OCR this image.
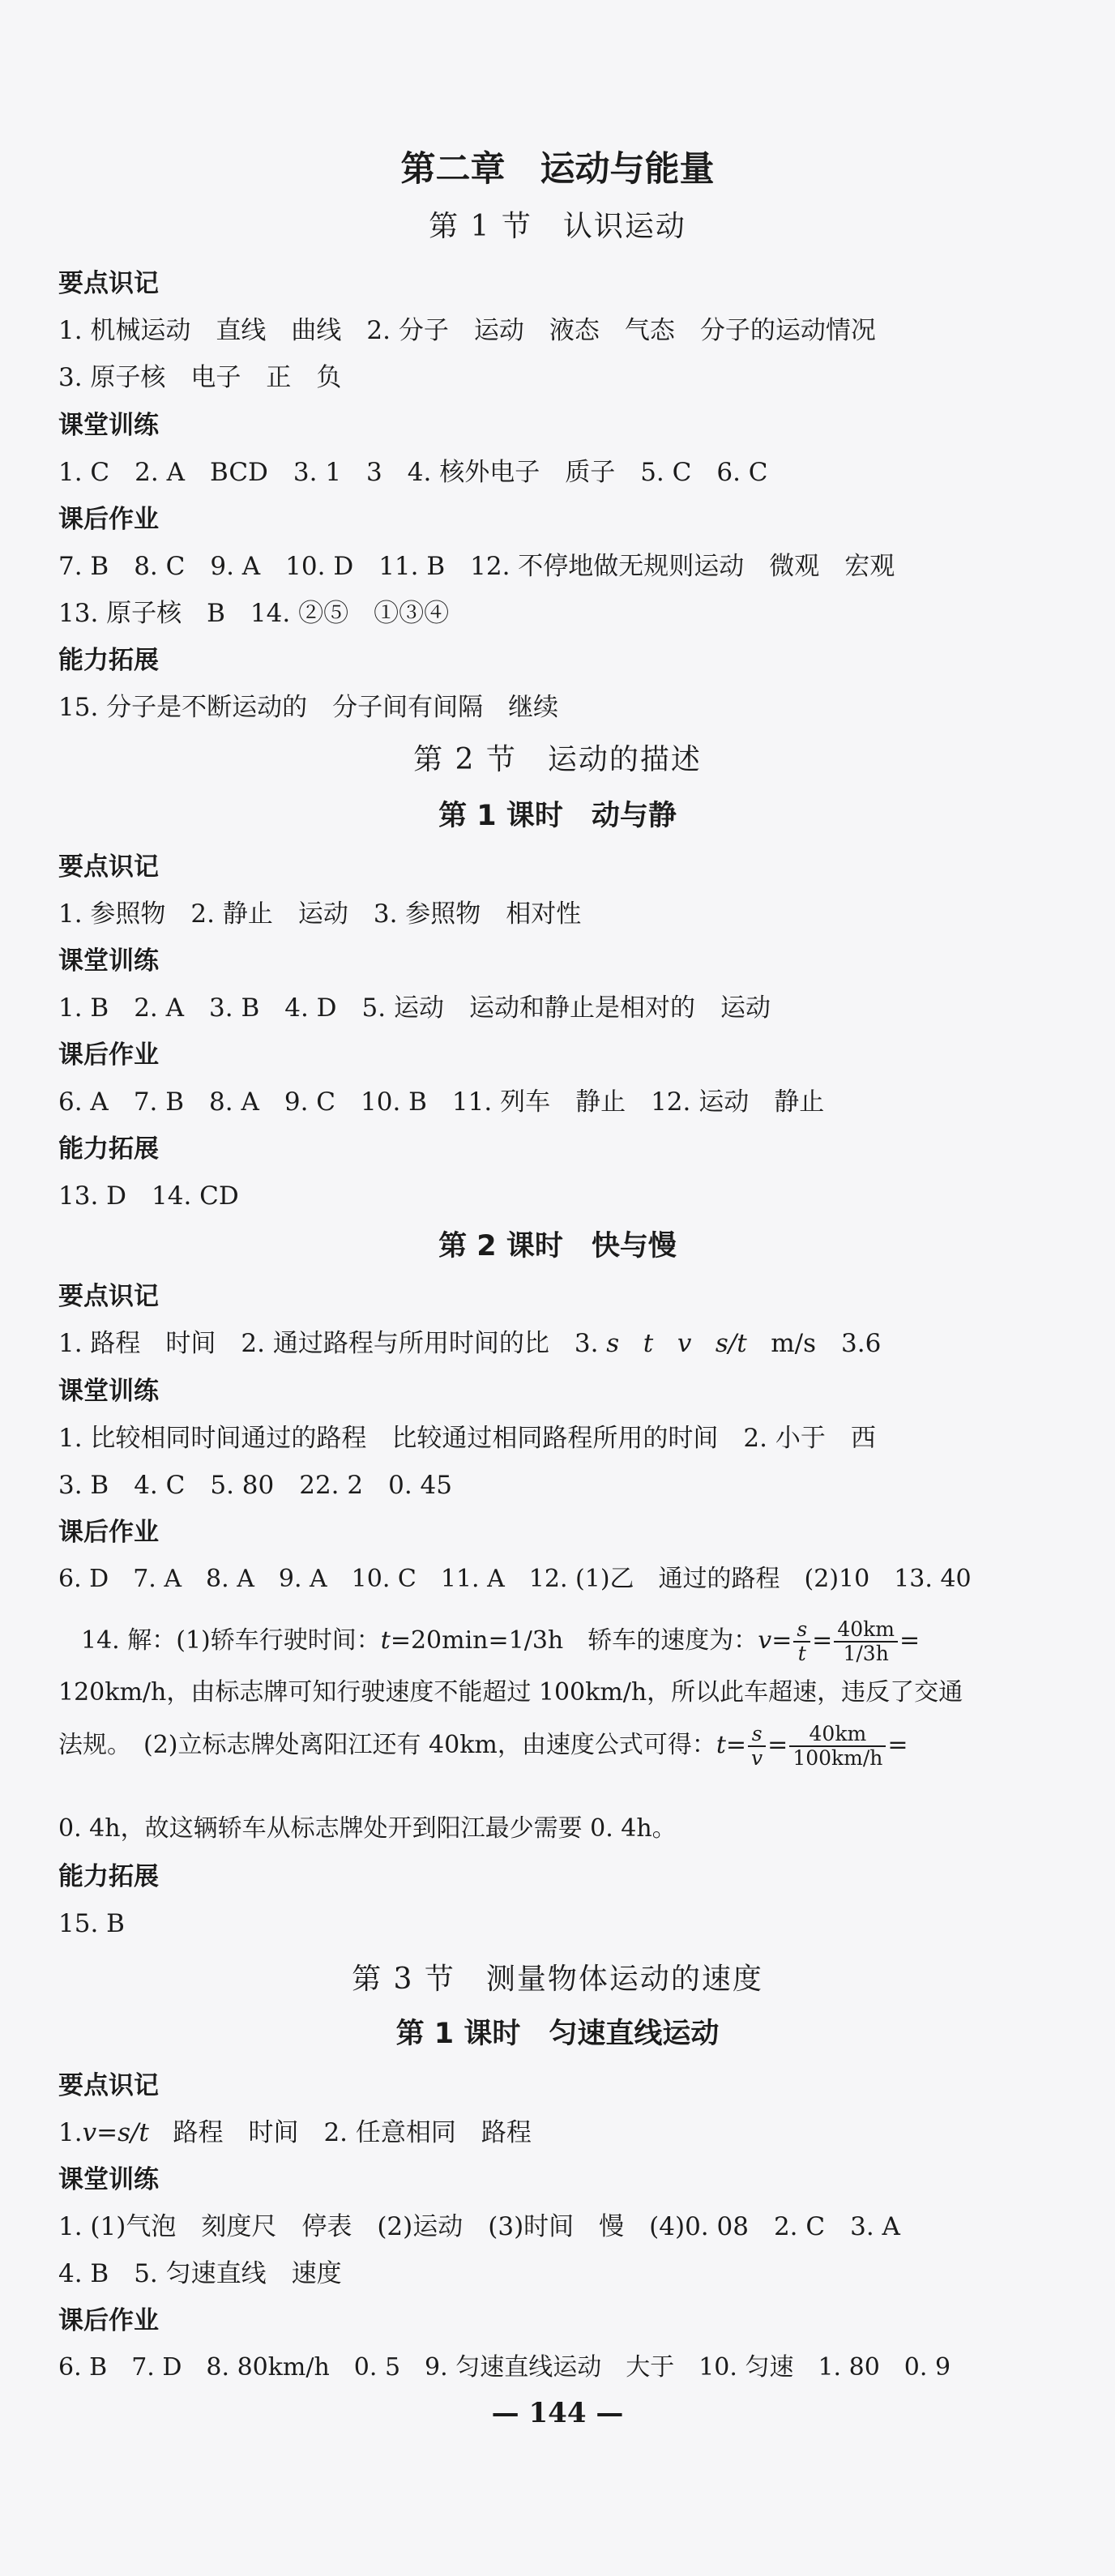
第二章　运动与能量
第 1 节　认识运动
要点识记
1. 机械运动　直线　曲线　2. 分子　运动　液态　气态　分子的运动情况
3. 原子核　电子　正　负
课堂训练
1. C　2. A　BCD　3. 1　3　4. 核外电子　质子　5. C　6. C
课后作业
7. B　8. C　9. A　10. D　11. B　12. 不停地做无规则运动　微观　宏观
13. 原子核　B　14. ②⑤　①③④
能力拓展
15. 分子是不断运动的　分子间有间隔　继续
第 2 节　运动的描述
第 1 课时　动与静
要点识记
1. 参照物　2. 静止　运动　3. 参照物　相对性
课堂训练
1. B　2. A　3. B　4. D　5. 运动　运动和静止是相对的　运动
课后作业
6. A　7. B　8. A　9. C　10. B　11. 列车　静止　12. 运动　静止
能力拓展
13. D　14. CD
第 2 课时　快与慢
要点识记
1. 路程　时间　2. 通过路程与所用时间的比　3. s t v s/t m/s　3.6
课堂训练
1. 比较相同时间通过的路程　比较通过相同路程所用的时间　2. 小于　西
3. B　4. C　5. 80　22. 2　0. 45
课后作业
6. D　7. A　8. A　9. A　10. C　11. A　12. (1)乙　通过的路程　(2)10　13. 40
14. 解：(1)轿车行驶时间：t=20min=1/3h　轿车的速度为：$v= \frac{s}{t} = \frac{40km}{1/3h}$ =
120km/h，由标志牌可知行驶速度不能超过 100km/h，所以此车超速，违反了交通
法规。　(2)立标志牌处离阳江还有 40km，由速度公式可得：$t= \frac{s}{v} = \frac{40km}{100km/h}$ =
0. 4h，故这辆轿车从标志牌处开到阳江最少需要 0. 4h。
能力拓展
15. B
第 3 节　测量物体运动的速度
第 1 课时　匀速直线运动
要点识记
1.v=s/t 路程　时间　2. 任意相同　路程
课堂训练
1. (1)气泡　刻度尺　停表　(2)运动　(3)时间　慢　(4)0. 08　2. C　3. A
4. B　5. 匀速直线　速度
课后作业
6. B　7. D　8. 80km/h　0. 5　9. 匀速直线运动　大于　10. 匀速　1. 80　0. 9
— 144 —
